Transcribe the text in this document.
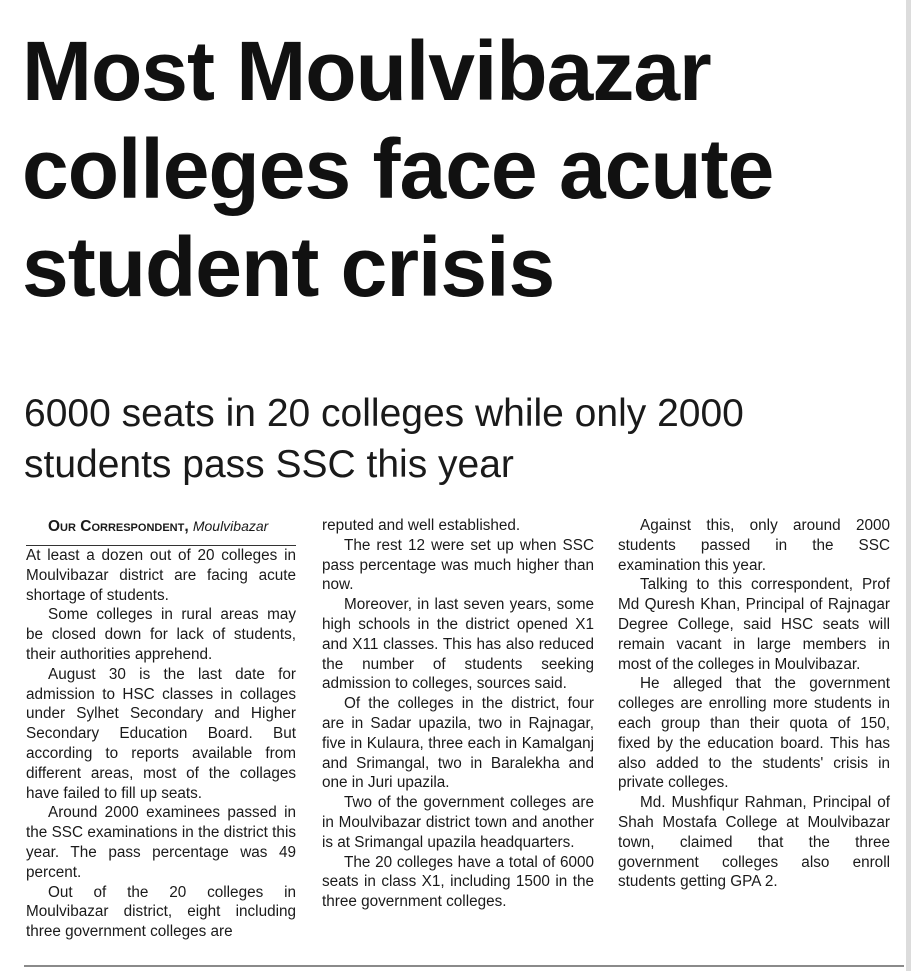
Most Moulvibazar colleges face acute student crisis
6000 seats in 20 colleges while only 2000 students pass SSC this year

Our Correspondent, Moulvibazar

At least a dozen out of 20 colleges in Moulvibazar district are facing acute shortage of students.

Some colleges in rural areas may be closed down for lack of students, their authorities apprehend.

August 30 is the last date for admission to HSC classes in collages under Sylhet Secondary and Higher Secondary Education Board. But according to reports available from different areas, most of the collages have failed to fill up seats.

Around 2000 examinees passed in the SSC examinations in the district this year. The pass percentage was 49 percent.

Out of the 20 colleges in Moulvibazar district, eight including three government colleges are

reputed and well established.

The rest 12 were set up when SSC pass percentage was much higher than now.

Moreover, in last seven years, some high schools in the district opened X1 and X11 classes. This has also reduced the number of students seeking admission to colleges, sources said.

Of the colleges in the district, four are in Sadar upazila, two in Rajnagar, five in Kulaura, three each in Kamalganj and Srimangal, two in Baralekha and one in Juri upazila.

Two of the government colleges are in Moulvibazar district town and another is at Srimangal upazila headquarters.

The 20 colleges have a total of 6000 seats in class X1, including 1500 in the three government colleges.

Against this, only around 2000 students passed in the SSC examination this year.

Talking to this correspondent, Prof Md Quresh Khan, Principal of Rajnagar Degree College, said HSC seats will remain vacant in large members in most of the colleges in Moulvibazar.

He alleged that the government colleges are enrolling more students in each group than their quota of 150, fixed by the education board. This has also added to the students' crisis in private colleges.

Md. Mushfiqur Rahman, Principal of Shah Mostafa College at Moulvibazar town, claimed that the three government colleges also enroll students getting GPA 2.
